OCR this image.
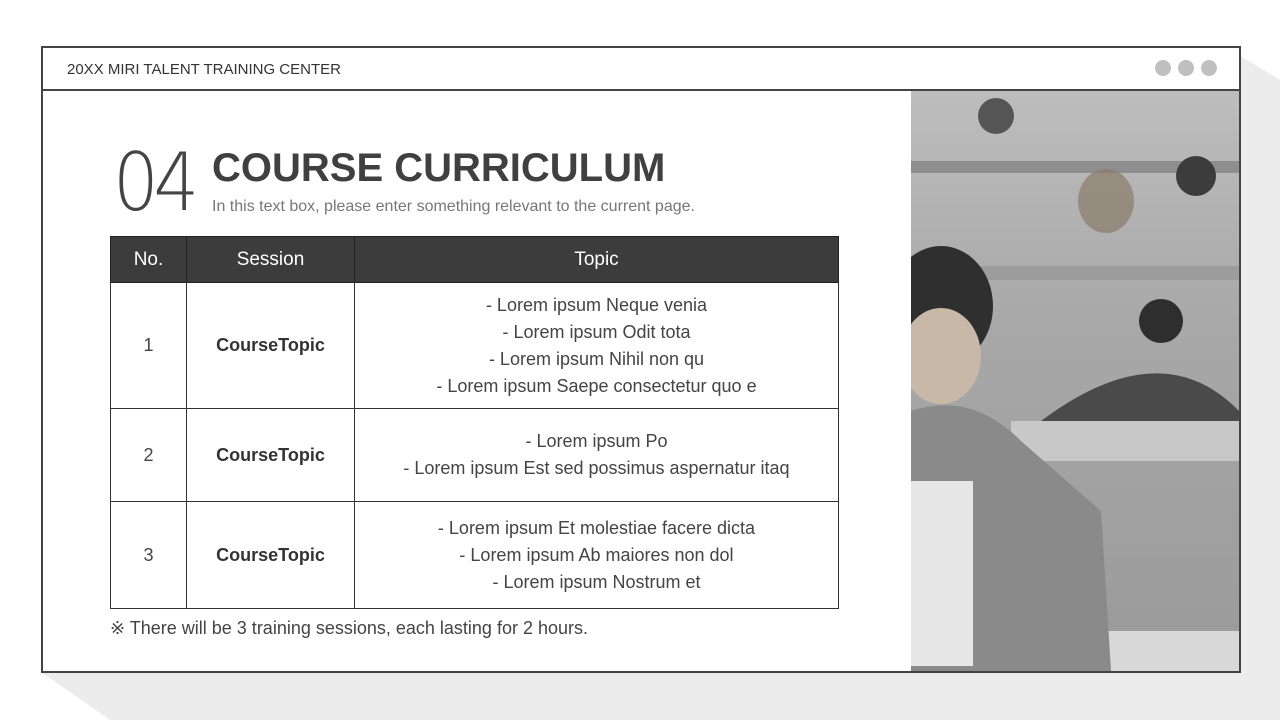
20XX MIRI TALENT TRAINING CENTER
04 COURSE CURRICULUM
In this text box, please enter something relevant to the current page.
No.	Session	Topic
1	CourseTopic	- Lorem ipsum Neque venia
- Lorem ipsum Odit tota
- Lorem ipsum Nihil non qu
- Lorem ipsum Saepe consectetur quo e

2	CourseTopic	- Lorem ipsum Po
- Lorem ipsum Est sed possimus aspernatur itaq

3	CourseTopic	- Lorem ipsum Et molestiae facere dicta
- Lorem ipsum Ab maiores non dol
- Lorem ipsum Nostrum et
※ There will be 3 training sessions, each lasting for 2 hours.
